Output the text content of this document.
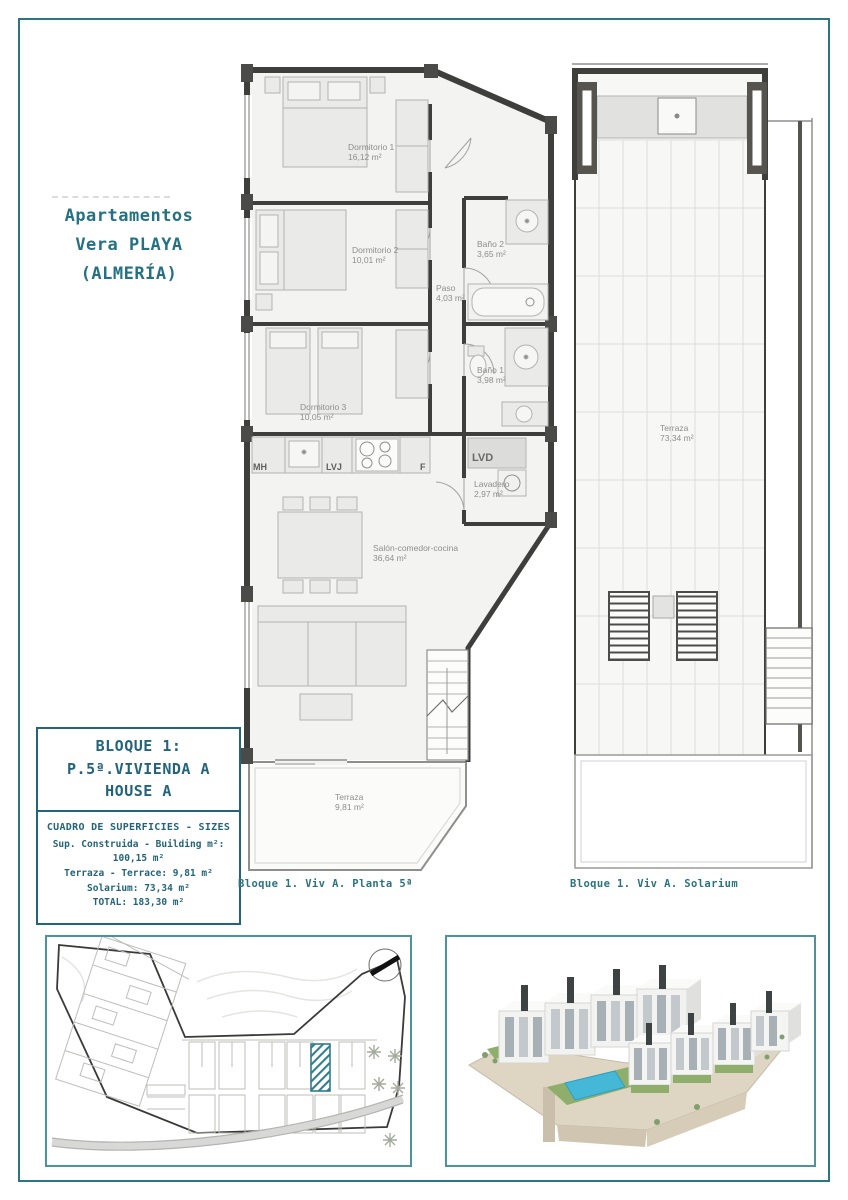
Apartamentos
Vera PLAYA
(ALMERÍA)
Dormitorio 1
16,12 m²
Dormitorio 2
10,01 m²
Dormitorio 3
10,05 m²
Paso
4,03 m²
Baño 2
3,65 m²
Baño 1
3,98 m²
Lavadero
2,97 m²
Salón-comedor-cocina
36,64 m²
Terraza
9,81 m²
MH	LVJ	F
LVD
Terraza
73,34 m²
BLOQUE 1:
P.5ª.VIVIENDA A
HOUSE A
CUADRO DE SUPERFICIES - SIZES
Sup. Construida - Building m²: 100,15 m²
Terraza - Terrace: 9,81 m²
Solarium: 73,34 m²
TOTAL: 183,30 m²
Bloque 1. Viv A. Planta 5ª	Bloque 1. Viv A. Solarium
